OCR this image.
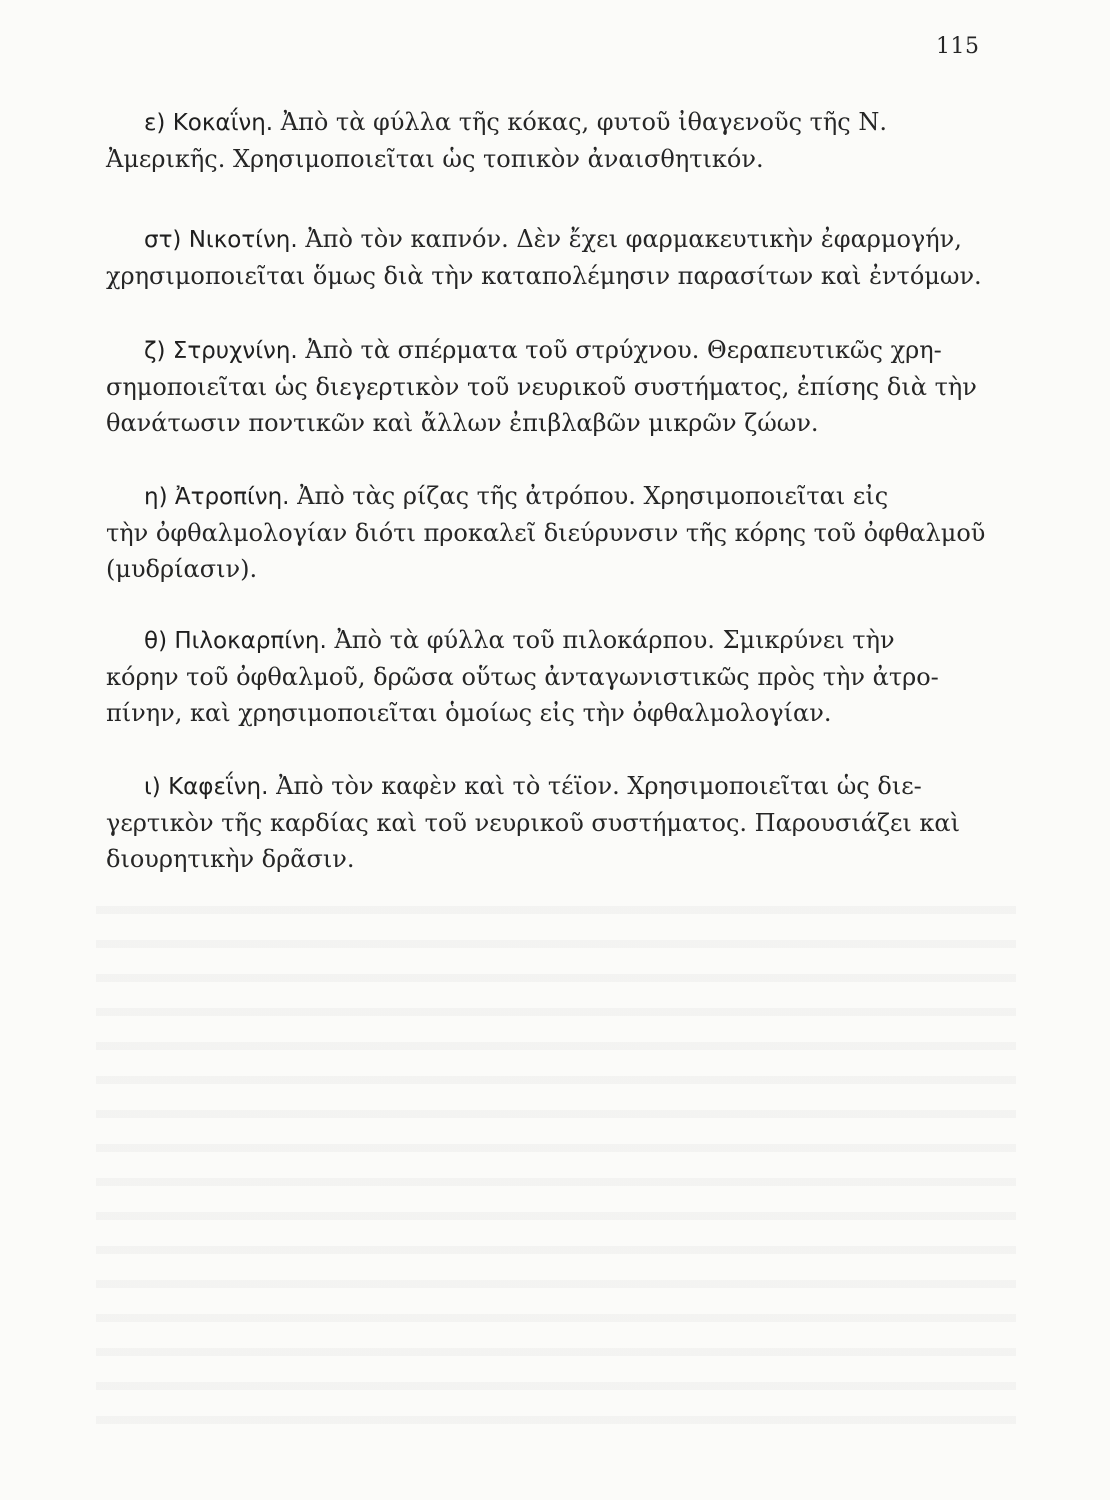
115
ε) Κοκαΐνη. Ἀπὸ τὰ φύλλα τῆς κόκας, φυτοῦ ἰθαγενοῦς τῆς Ν.
Ἀμερικῆς. Χρησιμοποιεῖται ὡς τοπικὸν ἀναισθητικόν.
στ) Νικοτίνη. Ἀπὸ τὸν καπνόν. Δὲν ἔχει φαρμακευτικὴν ἐφαρμογήν,
χρησιμοποιεῖται ὅμως διὰ τὴν καταπολέμησιν παρασίτων καὶ ἐντόμων.
ζ) Στρυχνίνη. Ἀπὸ τὰ σπέρματα τοῦ στρύχνου. Θεραπευτικῶς χρη-
σημοποιεῖται ὡς διεγερτικὸν τοῦ νευρικοῦ συστήματος, ἐπίσης διὰ τὴν
θανάτωσιν ποντικῶν καὶ ἄλλων ἐπιβλαβῶν μικρῶν ζώων.
η) Ἀτροπίνη. Ἀπὸ τὰς ρίζας τῆς ἀτρόπου. Χρησιμοποιεῖται εἰς
τὴν ὀφθαλμολογίαν διότι προκαλεῖ διεύρυνσιν τῆς κόρης τοῦ ὀφθαλμοῦ
(μυδρίασιν).
θ) Πιλοκαρπίνη. Ἀπὸ τὰ φύλλα τοῦ πιλοκάρπου. Σμικρύνει τὴν
κόρην τοῦ ὀφθαλμοῦ, δρῶσα οὕτως ἀνταγωνιστικῶς πρὸς τὴν ἀτρο-
πίνην, καὶ χρησιμοποιεῖται ὁμοίως εἰς τὴν ὀφθαλμολογίαν.
ι) Καφεΐνη. Ἀπὸ τὸν καφὲν καὶ τὸ τέϊον. Χρησιμοποιεῖται ὡς διε-
γερτικὸν τῆς καρδίας καὶ τοῦ νευρικοῦ συστήματος. Παρουσιάζει καὶ
διουρητικὴν δρᾶσιν.
